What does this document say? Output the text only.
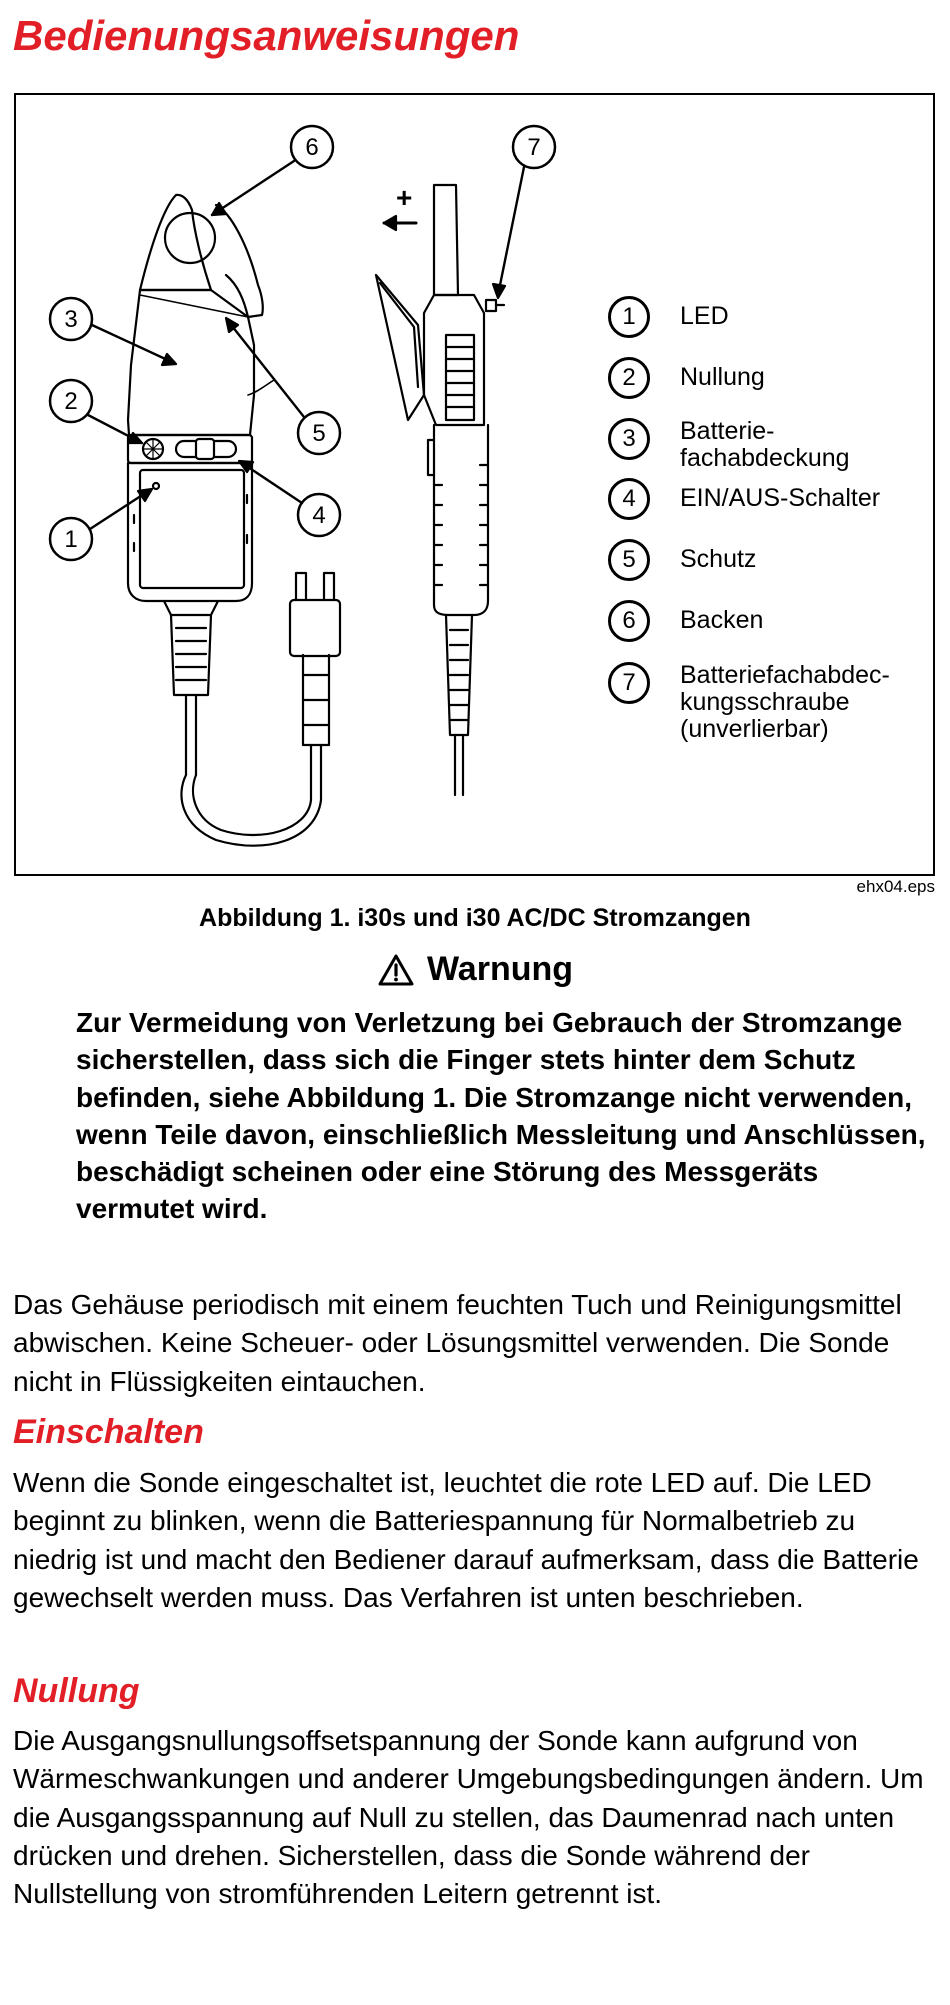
Bedienungsanweisungen
+
6	7
3
2
1
5
4
1	LED
2	Nullung
3	Batterie-
fachabdeckung
4	EIN/AUS-Schalter
5	Schutz
6	Backen
7	Batteriefachabdec-
kungsschraube
(unverlierbar)

ehx04.eps

Abbildung 1. i30s und i30 AC/DC Stromzangen

Warnung

Zur Vermeidung von Verletzung bei Gebrauch der Stromzange sicherstellen, dass sich die Finger stets hinter dem Schutz befinden, siehe Abbildung 1. Die Stromzange nicht verwenden, wenn Teile davon, einschließlich Messleitung und Anschlüssen, beschädigt scheinen oder eine Störung des Messgeräts vermutet wird.

Das Gehäuse periodisch mit einem feuchten Tuch und Reinigungsmittel abwischen. Keine Scheuer- oder Lösungsmittel verwenden. Die Sonde nicht in Flüssigkeiten eintauchen.

Einschalten

Wenn die Sonde eingeschaltet ist, leuchtet die rote LED auf. Die LED beginnt zu blinken, wenn die Batteriespannung für Normalbetrieb zu niedrig ist und macht den Bediener darauf aufmerksam, dass die Batterie gewechselt werden muss. Das Verfahren ist unten beschrieben.

Nullung

Die Ausgangsnullungsoffsetspannung der Sonde kann aufgrund von Wärmeschwankungen und anderer Umgebungsbedingungen ändern. Um die Ausgangsspannung auf Null zu stellen, das Daumenrad nach unten drücken und drehen. Sicherstellen, dass die Sonde während der Nullstellung von stromführenden Leitern getrennt ist.
